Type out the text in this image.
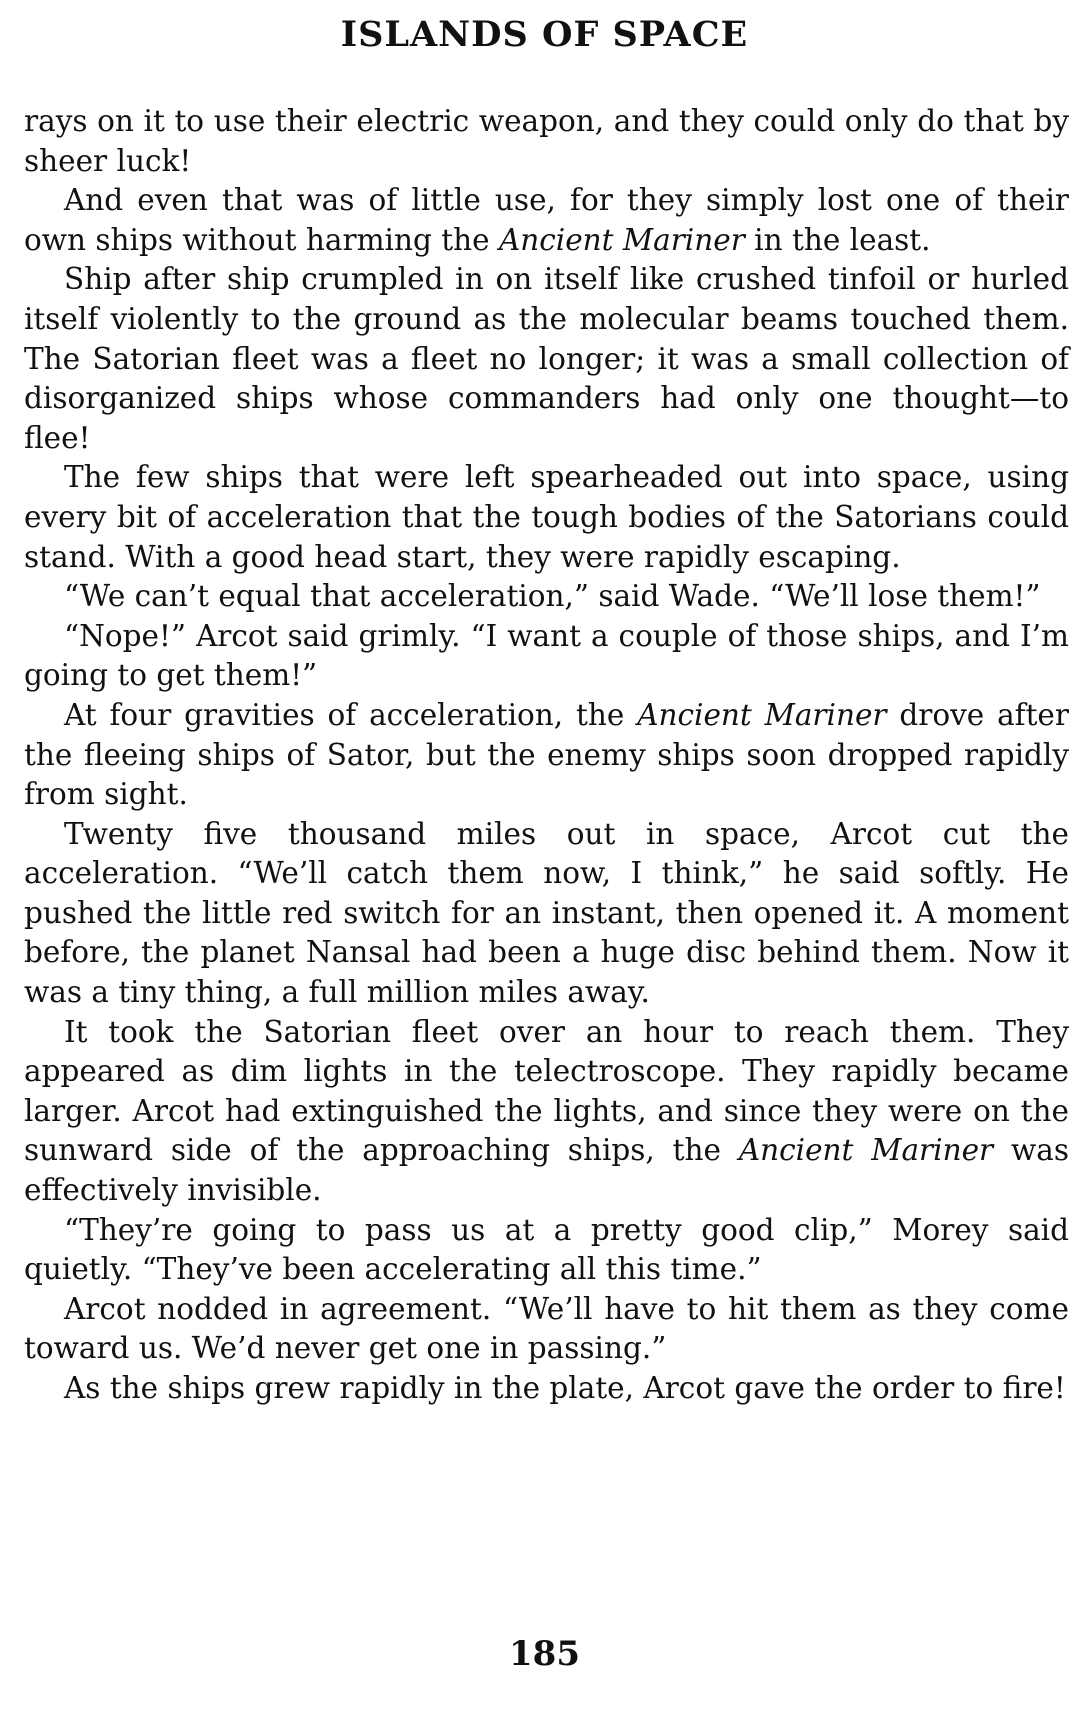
ISLANDS OF SPACE

rays on it to use their electric weapon, and they could only do that by sheer luck!

And even that was of little use, for they simply lost one of their own ships without harming the Ancient Mariner in the least.

Ship after ship crumpled in on itself like crushed tinfoil or hurled itself violently to the ground as the molecular beams touched them. The Satorian fleet was a fleet no longer; it was a small collection of disorganized ships whose commanders had only one thought—to flee!

The few ships that were left spearheaded out into space, using every bit of acceleration that the tough bodies of the Satorians could stand. With a good head start, they were rapidly escaping.

“We can’t equal that acceleration,” said Wade. “We’ll lose them!”

“Nope!” Arcot said grimly. “I want a couple of those ships, and I’m going to get them!”

At four gravities of acceleration, the Ancient Mariner drove after the fleeing ships of Sator, but the enemy ships soon dropped rapidly from sight.

Twenty five thousand miles out in space, Arcot cut the acceleration. “We’ll catch them now, I think,” he said softly. He pushed the little red switch for an instant, then opened it. A moment before, the planet Nansal had been a huge disc behind them. Now it was a tiny thing, a full million miles away.

It took the Satorian fleet over an hour to reach them. They appeared as dim lights in the telectroscope. They rapidly became larger. Arcot had extinguished the lights, and since they were on the sunward side of the approaching ships, the Ancient Mariner was effectively invisible.

“They’re going to pass us at a pretty good clip,” Morey said quietly. “They’ve been accelerating all this time.”

Arcot nodded in agreement. “We’ll have to hit them as they come toward us. We’d never get one in passing.”

As the ships grew rapidly in the plate, Arcot gave the order to fire!

185
